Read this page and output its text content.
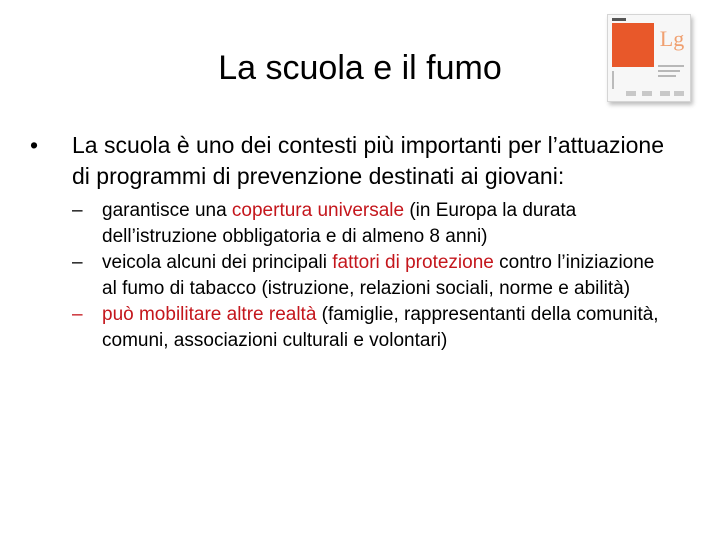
La scuola e il fumo
Lg
•	La scuola è uno dei contesti più importanti per l’attuazione di programmi di prevenzione destinati ai giovani:
–	garantisce una copertura universale (in Europa la durata dell’istruzione obbligatoria e di almeno 8 anni)
–	veicola alcuni dei principali fattori di protezione contro l’iniziazione al fumo di tabacco (istruzione, relazioni sociali, norme e abilità)
–	può mobilitare altre realtà (famiglie, rappresentanti della comunità, comuni, associazioni culturali e volontari)
